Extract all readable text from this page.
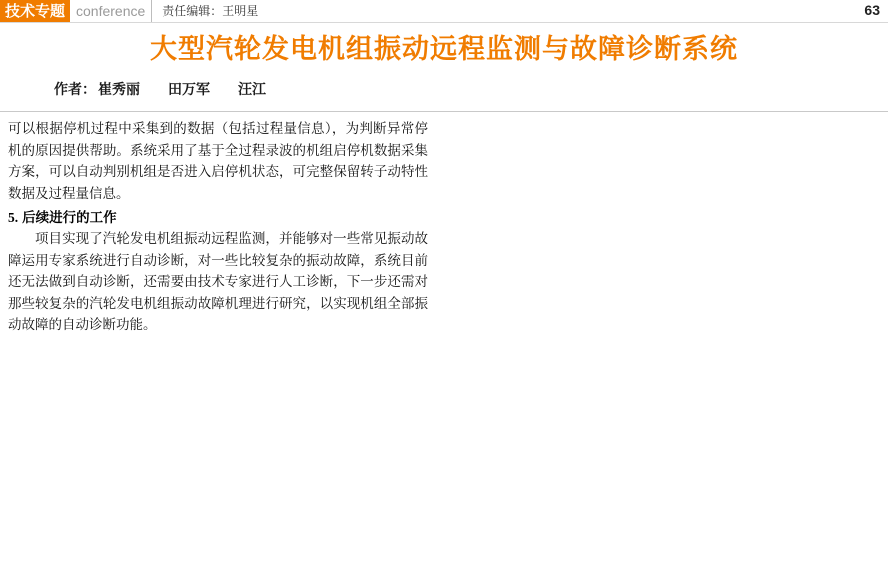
技术专题 conference	责任编辑：王明星	63
大型汽轮发电机组振动远程监测与故障诊断系统
作者： 崔秀丽 田万军 汪江

可以根据停机过程中采集到的数据（包括过程量信息），为判断异常停机的原因提供帮助。系统采用了基于全过程录波的机组启停机数据采集方案，可以自动判别机组是否进入启停机状态，可完整保留转子动特性数据及过程量信息。

5. 后续进行的工作

项目实现了汽轮发电机组振动远程监测，并能够对一些常见振动故障运用专家系统进行自动诊断，对一些比较复杂的振动故障，系统目前还无法做到自动诊断，还需要由技术专家进行人工诊断，下一步还需对那些较复杂的汽轮发电机组振动故障机理进行研究，以实现机组全部振动故障的自动诊断功能。
